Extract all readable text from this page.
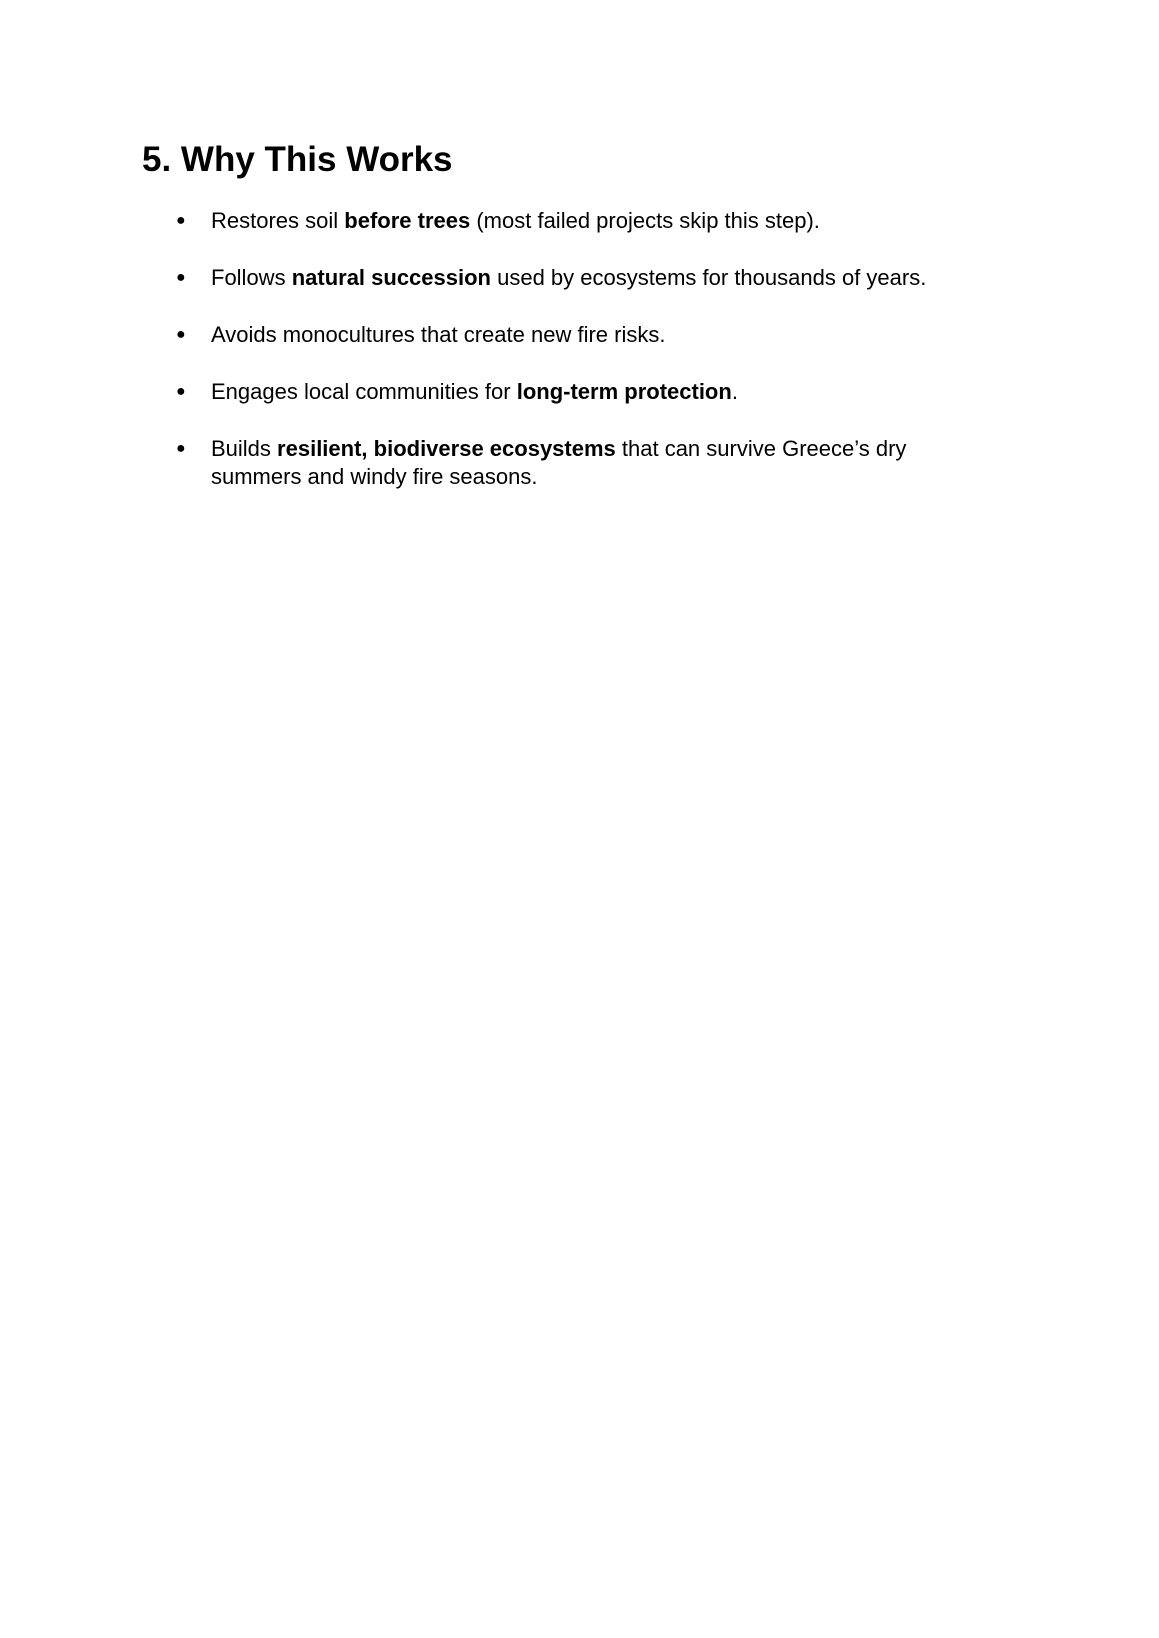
5. Why This Works
● Restores soil before trees (most failed projects skip this step).
● Follows natural succession used by ecosystems for thousands of years.
● Avoids monocultures that create new fire risks.
● Engages local communities for long-term protection.
● Builds resilient, biodiverse ecosystems that can survive Greece’s dry summers and windy fire seasons.
